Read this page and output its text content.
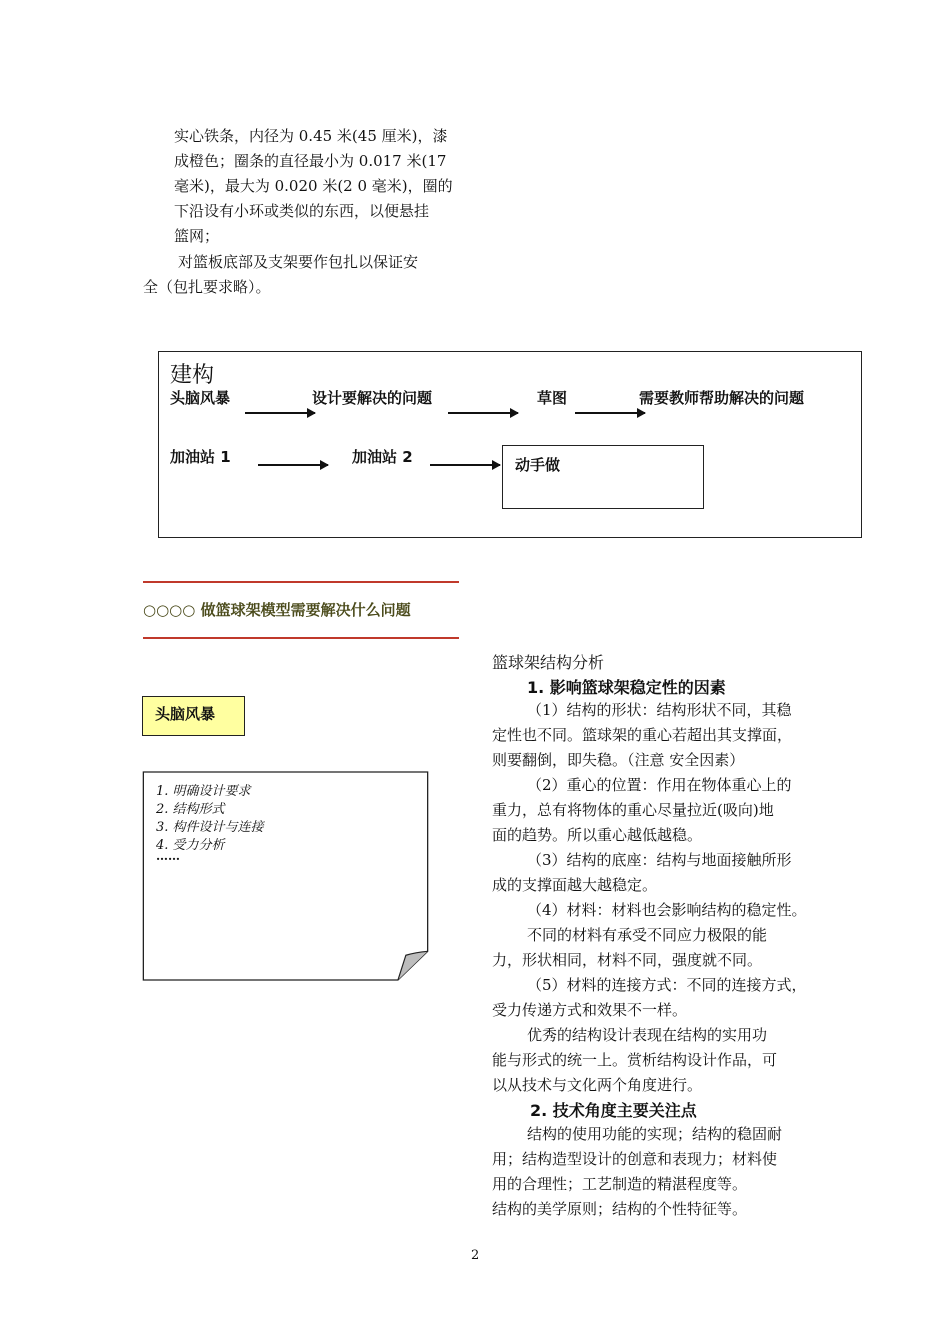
实心铁条，内径为 0.45 米(45 厘米)，漆
成橙色；圈条的直径最小为 0.017 米(17
毫米)，最大为 0.020 米(2 0 毫米)，圈的
下沿设有小环或类似的东西，以便悬挂
篮网；
对篮板底部及支架要作包扎以保证安
全（包扎要求略）。
建构
头脑风暴	设计要解决的问题	草图	需要教师帮助解决的问题
加油站 1	加油站 2	动手做
○○○○ 做篮球架模型需要解决什么问题
头脑风暴
1. 明确设计要求
2. 结构形式
3. 构件设计与连接
4. 受力分析
……
篮球架结构分析
1. 影响篮球架稳定性的因素
（1）结构的形状：结构形状不同，其稳
定性也不同。篮球架的重心若超出其支撑面，
则要翻倒，即失稳。（注意 安全因素）
（2）重心的位置：作用在物体重心上的
重力，总有将物体的重心尽量拉近(吸向)地
面的趋势。所以重心越低越稳。
（3）结构的底座：结构与地面接触所形
成的支撑面越大越稳定。
（4）材料：材料也会影响结构的稳定性。
不同的材料有承受不同应力极限的能
力，形状相同，材料不同，强度就不同。
（5）材料的连接方式：不同的连接方式，
受力传递方式和效果不一样。
优秀的结构设计表现在结构的实用功
能与形式的统一上。赏析结构设计作品，可
以从技术与文化两个角度进行。
2. 技术角度主要关注点
结构的使用功能的实现；结构的稳固耐
用；结构造型设计的创意和表现力；材料使
用的合理性；工艺制造的精湛程度等。
结构的美学原则；结构的个性特征等。
2
